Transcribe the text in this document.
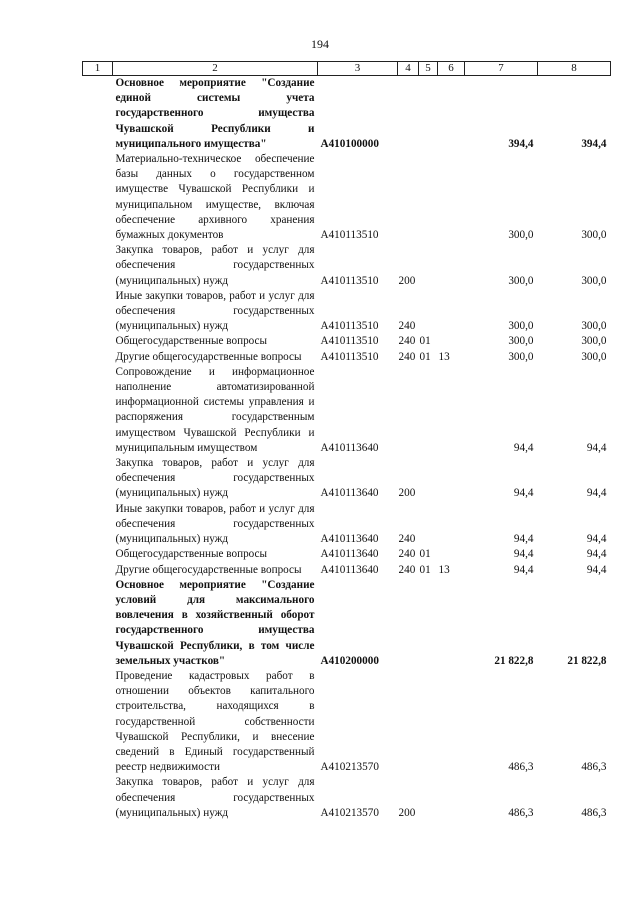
194
1	2	3	4	5	6	7	8
	Основное мероприятие "Создание единой системы учета государственного имущества Чувашской Республики и муниципального имущества"	А410100000				394,4	394,4
	Материально-техническое обеспечение базы данных о государственном имуществе Чувашской Республики и муниципальном имуществе, включая обеспечение архивного хранения бумажных документов	А410113510				300,0	300,0
	Закупка товаров, работ и услуг для обеспечения государственных (муниципальных) нужд	А410113510	200			300,0	300,0
	Иные закупки товаров, работ и услуг для обеспечения государственных (муниципальных) нужд	А410113510	240			300,0	300,0
	Общегосударственные вопросы	А410113510	240	01		300,0	300,0
	Другие общегосударственные вопросы	А410113510	240	01	13	300,0	300,0
	Сопровождение и информационное наполнение автоматизированной информационной системы управления и распоряжения государственным имуществом Чувашской Республики и муниципальным имуществом	А410113640				94,4	94,4
	Закупка товаров, работ и услуг для обеспечения государственных (муниципальных) нужд	А410113640	200			94,4	94,4
	Иные закупки товаров, работ и услуг для обеспечения государственных (муниципальных) нужд	А410113640	240			94,4	94,4
	Общегосударственные вопросы	А410113640	240	01		94,4	94,4
	Другие общегосударственные вопросы	А410113640	240	01	13	94,4	94,4
	Основное мероприятие "Создание условий для максимального вовлечения в хозяйственный оборот государственного имущества Чувашской Республики, в том числе земельных участков"	А410200000				21 822,8	21 822,8
	Проведение кадастровых работ в отношении объектов капитального строительства, находящихся в государственной собственности Чувашской Республики, и внесение сведений в Единый государственный реестр недвижимости	А410213570				486,3	486,3
	Закупка товаров, работ и услуг для обеспечения государственных (муниципальных) нужд	А410213570	200			486,3	486,3
